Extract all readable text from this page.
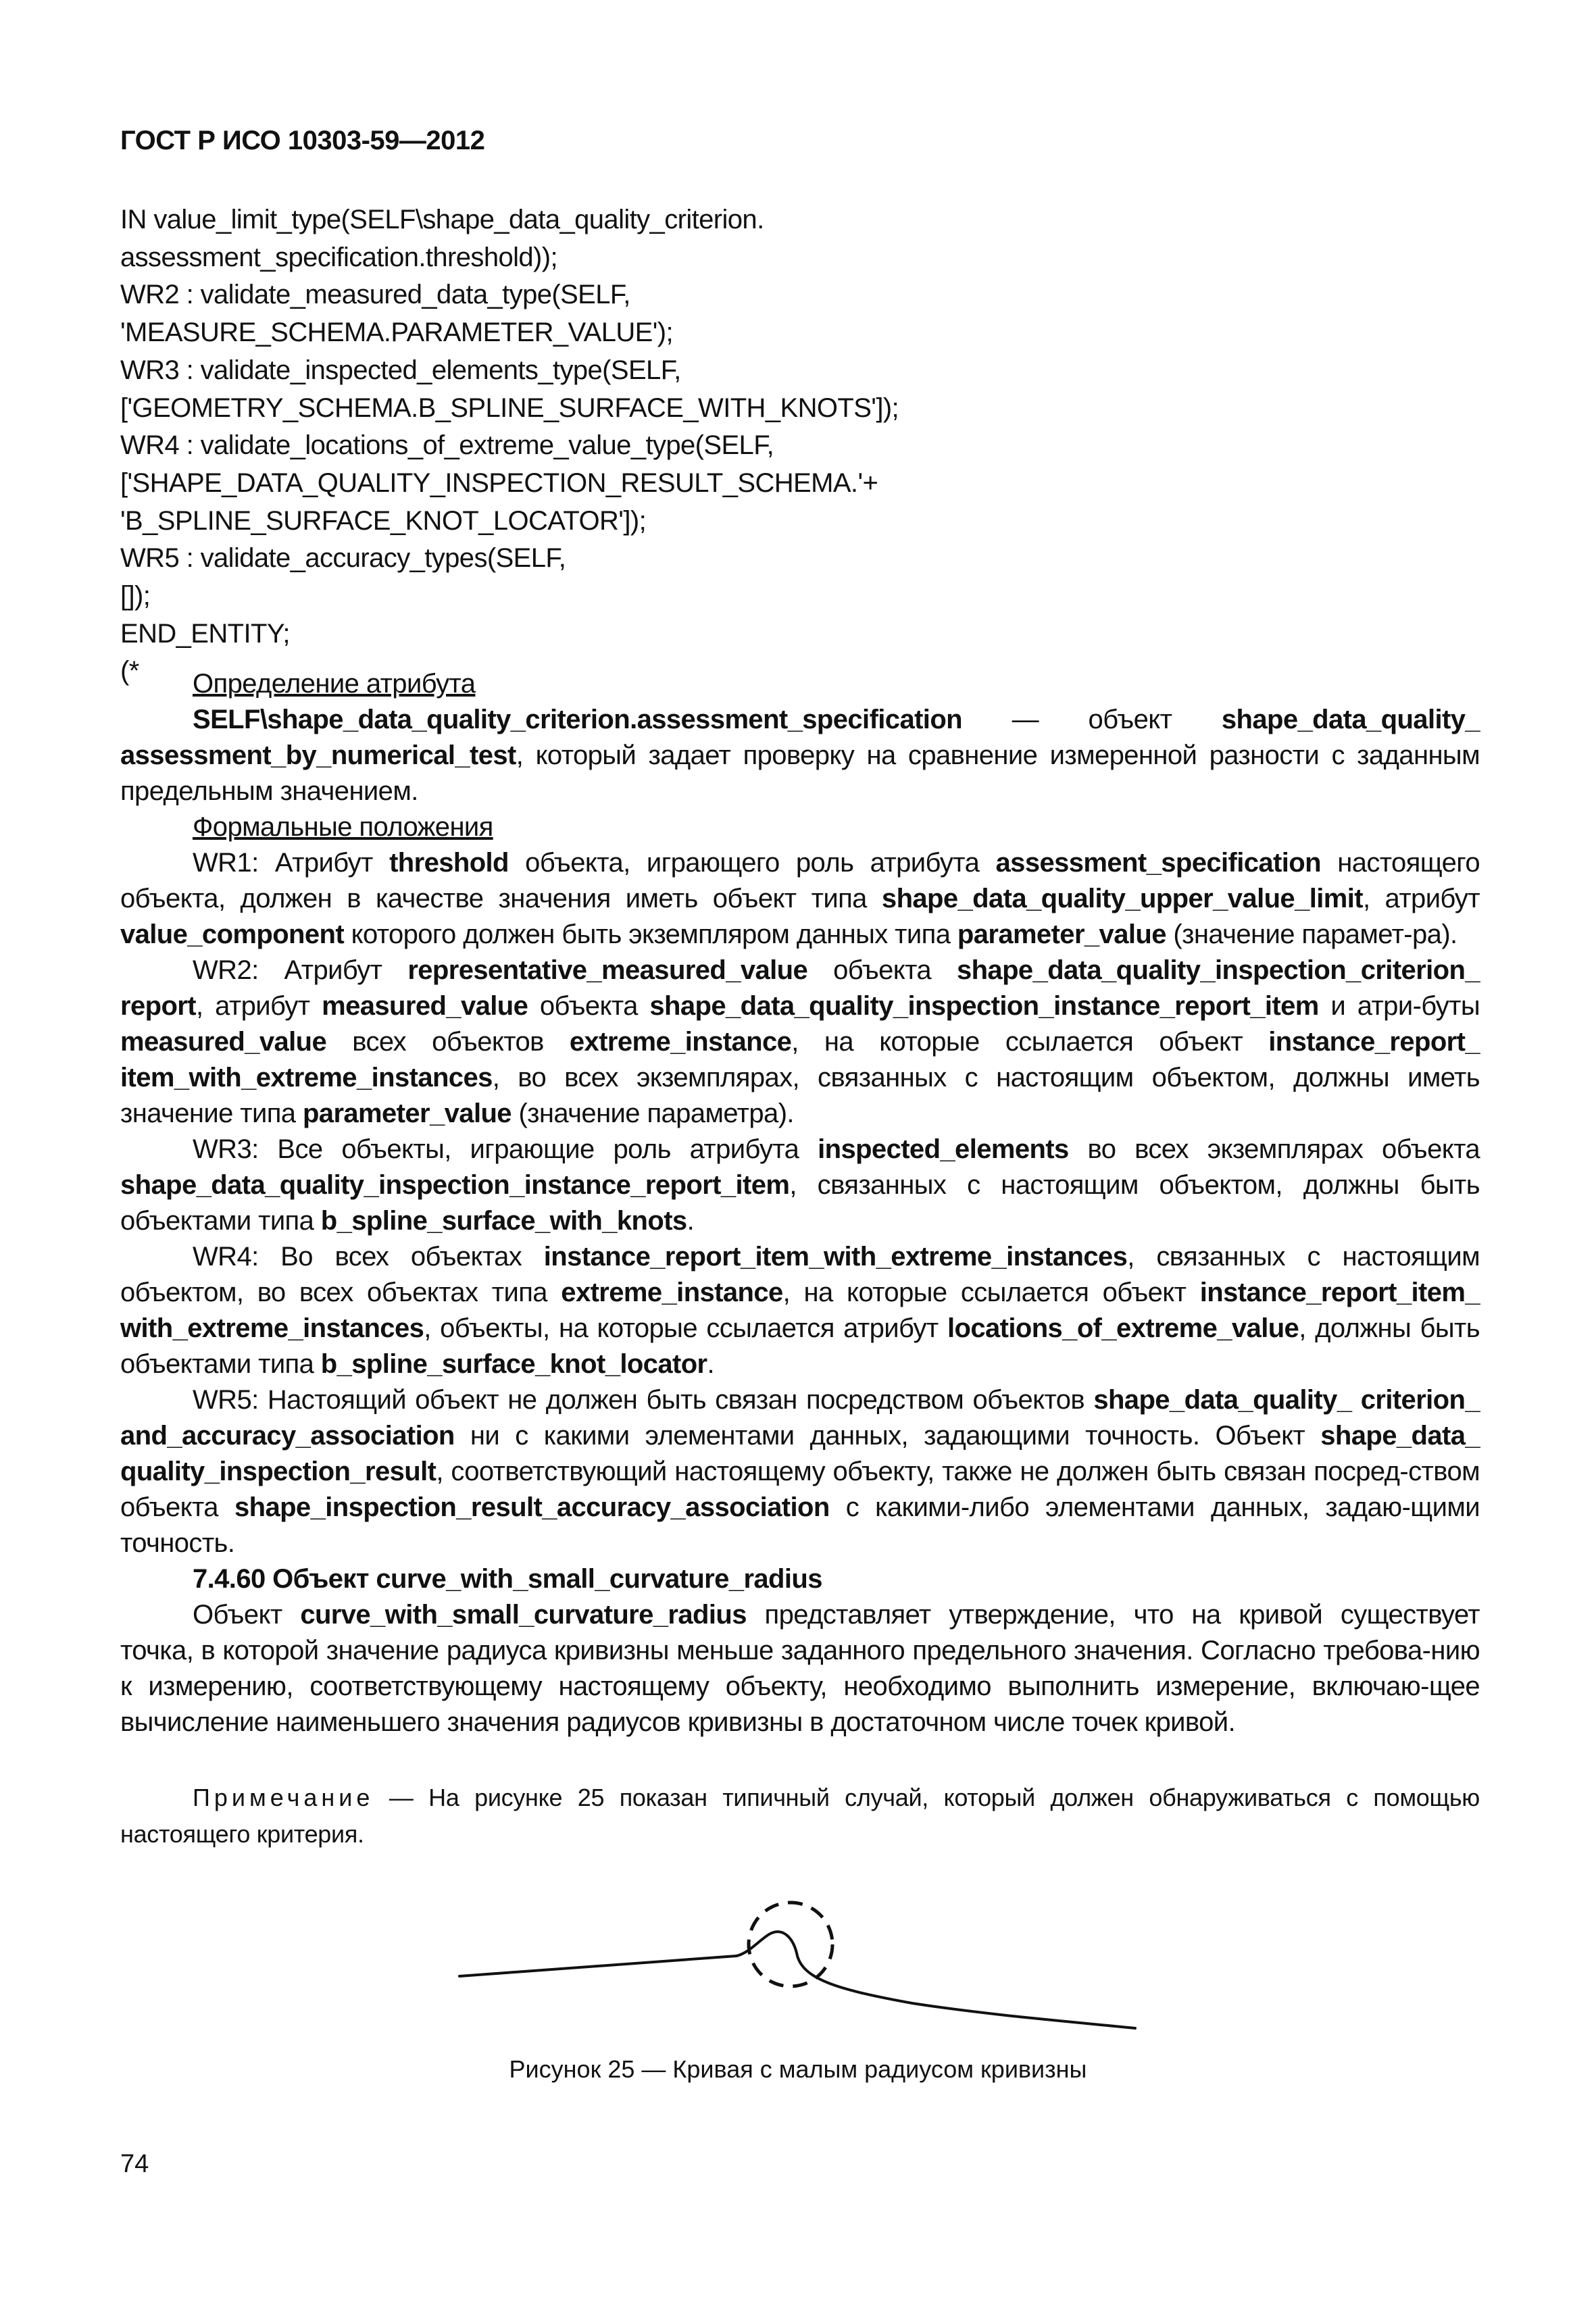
ГОСТ Р ИСО 10303-59—2012
IN value_limit_type(SELF\shape_data_quality_criterion.
assessment_specification.threshold));
WR2 : validate_measured_data_type(SELF,
'MEASURE_SCHEMA.PARAMETER_VALUE');
WR3 : validate_inspected_elements_type(SELF,
['GEOMETRY_SCHEMA.B_SPLINE_SURFACE_WITH_KNOTS']);
WR4 : validate_locations_of_extreme_value_type(SELF,
['SHAPE_DATA_QUALITY_INSPECTION_RESULT_SCHEMA.'+
'B_SPLINE_SURFACE_KNOT_LOCATOR']);
WR5 : validate_accuracy_types(SELF,
[]);
END_ENTITY;
(*	Определение атрибута

SELF\shape_data_quality_criterion.assessment_specification — объект shape_data_quality_ assessment_by_numerical_test, который задает проверку на сравнение измеренной разности с заданным предельным значением.

Формальные положения

WR1: Атрибут threshold объекта, играющего роль атрибута assessment_specification настоящего объекта, должен в качестве значения иметь объект типа shape_data_quality_upper_value_limit, атрибут value_component которого должен быть экземпляром данных типа parameter_value (значение парамет-ра).

WR2: Атрибут representative_measured_value объекта shape_data_quality_inspection_criterion_ report, атрибут measured_value объекта shape_data_quality_inspection_instance_report_item и атри-буты measured_value всех объектов extreme_instance, на которые ссылается объект instance_report_ item_with_extreme_instances, во всех экземплярах, связанных с настоящим объектом, должны иметь значение типа parameter_value (значение параметра).

WR3: Все объекты, играющие роль атрибута inspected_elements во всех экземплярах объекта shape_data_quality_inspection_instance_report_item, связанных с настоящим объектом, должны быть объектами типа b_spline_surface_with_knots.

WR4: Во всех объектах instance_report_item_with_extreme_instances, связанных с настоящим объектом, во всех объектах типа extreme_instance, на которые ссылается объект instance_report_item_ with_extreme_instances, объекты, на которые ссылается атрибут locations_of_extreme_value, должны быть объектами типа b_spline_surface_knot_locator.

WR5: Настоящий объект не должен быть связан посредством объектов shape_data_quality_ criterion_ and_accuracy_association ни с какими элементами данных, задающими точность. Объект shape_data_ quality_inspection_result, соответствующий настоящему объекту, также не должен быть связан посред-ством объекта shape_inspection_result_accuracy_association с какими-либо элементами данных, задаю-щими точность.

7.4.60 Объект curve_with_small_curvature_radius

Объект curve_with_small_curvature_radius представляет утверждение, что на кривой существует точка, в которой значение радиуса кривизны меньше заданного предельного значения. Согласно требова-нию к измерению, соответствующему настоящему объекту, необходимо выполнить измерение, включаю-щее вычисление наименьшего значения радиусов кривизны в достаточном числе точек кривой.

Примечание — На рисунке 25 показан типичный случай, который должен обнаруживаться с помощью настоящего критерия.
Рисунок 25 — Кривая с малым радиусом кривизны
74
